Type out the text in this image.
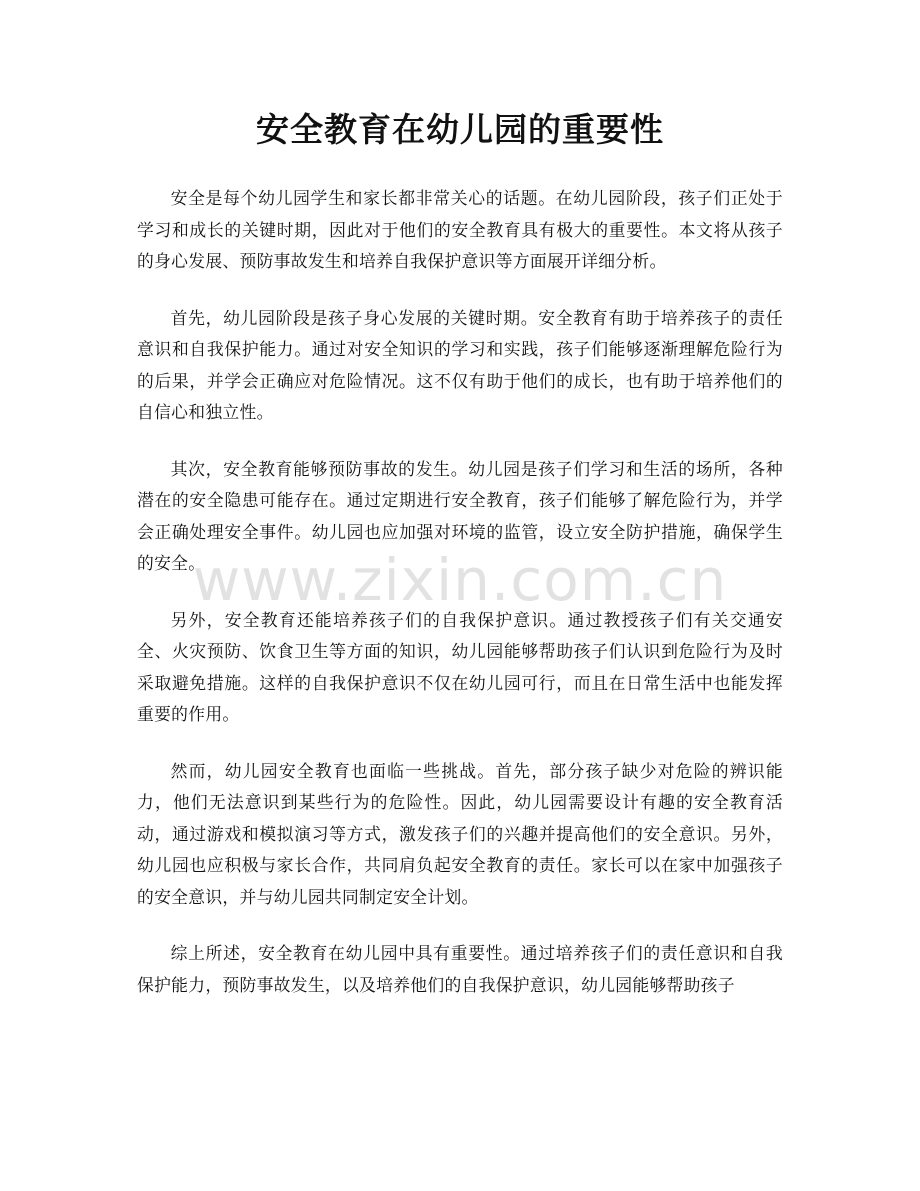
安全教育在幼儿园的重要性

安全是每个幼儿园学生和家长都非常关心的话题。在幼儿园阶段，孩子们正处于学习和成长的关键时期，因此对于他们的安全教育具有极大的重要性。本文将从孩子的身心发展、预防事故发生和培养自我保护意识等方面展开详细分析。

首先，幼儿园阶段是孩子身心发展的关键时期。安全教育有助于培养孩子的责任意识和自我保护能力。通过对安全知识的学习和实践，孩子们能够逐渐理解危险行为的后果，并学会正确应对危险情况。这不仅有助于他们的成长，也有助于培养他们的自信心和独立性。

其次，安全教育能够预防事故的发生。幼儿园是孩子们学习和生活的场所，各种潜在的安全隐患可能存在。通过定期进行安全教育，孩子们能够了解危险行为，并学会正确处理安全事件。幼儿园也应加强对环境的监管，设立安全防护措施，确保学生的安全。

另外，安全教育还能培养孩子们的自我保护意识。通过教授孩子们有关交通安全、火灾预防、饮食卫生等方面的知识，幼儿园能够帮助孩子们认识到危险行为及时采取避免措施。这样的自我保护意识不仅在幼儿园可行，而且在日常生活中也能发挥重要的作用。

然而，幼儿园安全教育也面临一些挑战。首先，部分孩子缺少对危险的辨识能力，他们无法意识到某些行为的危险性。因此，幼儿园需要设计有趣的安全教育活动，通过游戏和模拟演习等方式，激发孩子们的兴趣并提高他们的安全意识。另外，幼儿园也应积极与家长合作，共同肩负起安全教育的责任。家长可以在家中加强孩子的安全意识，并与幼儿园共同制定安全计划。

综上所述，安全教育在幼儿园中具有重要性。通过培养孩子们的责任意识和自我保护能力，预防事故发生，以及培养他们的自我保护意识，幼儿园能够帮助孩子

www.zixin.com.cn
